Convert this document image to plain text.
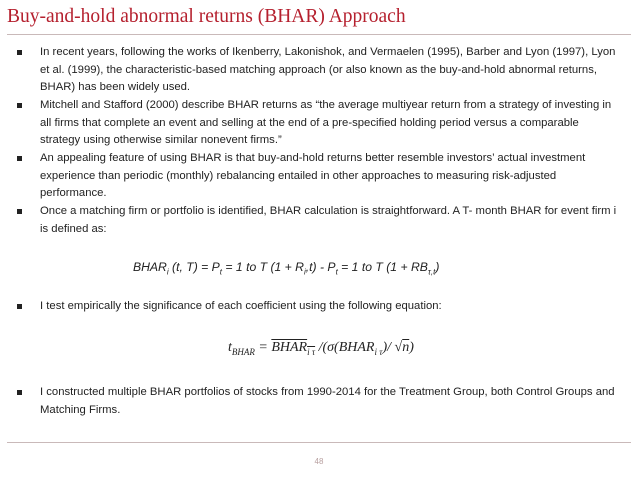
Buy-and-hold abnormal returns (BHAR) Approach
In recent years, following the works of Ikenberry, Lakonishok, and Vermaelen (1995), Barber and Lyon (1997), Lyon et al. (1999), the characteristic-based matching approach (or also known as the buy-and-hold abnormal returns, BHAR) has been widely used.
Mitchell and Stafford (2000) describe BHAR returns as “the average multiyear return from a strategy of investing in all firms that complete an event and selling at the end of a pre-specified holding period versus a comparable strategy using otherwise similar nonevent firms.”
An appealing feature of using BHAR is that buy-and-hold returns better resemble investors’ actual investment experience than periodic (monthly) rebalancing entailed in other approaches to measuring risk-adjusted performance.
Once a matching firm or portfolio is identified, BHAR calculation is straightforward. A T- month BHAR for event firm i is defined as:
$BHAR_i$ (t, $T) = P_t = 1$ to T $(1 + R_i,t) - P_t = 1$ to T $(1 + RB_{\tau,t})$
I test empirically the significance of each coefficient using the following equation:
$t_{BHAR}$ = $BHAR_{i \tau}$ $/(\sigma(BHAR_{i \tau})/$ √n)
I constructed multiple BHAR portfolios of stocks from 1990-2014 for the Treatment Group, both Control Groups and Matching Firms.
48
